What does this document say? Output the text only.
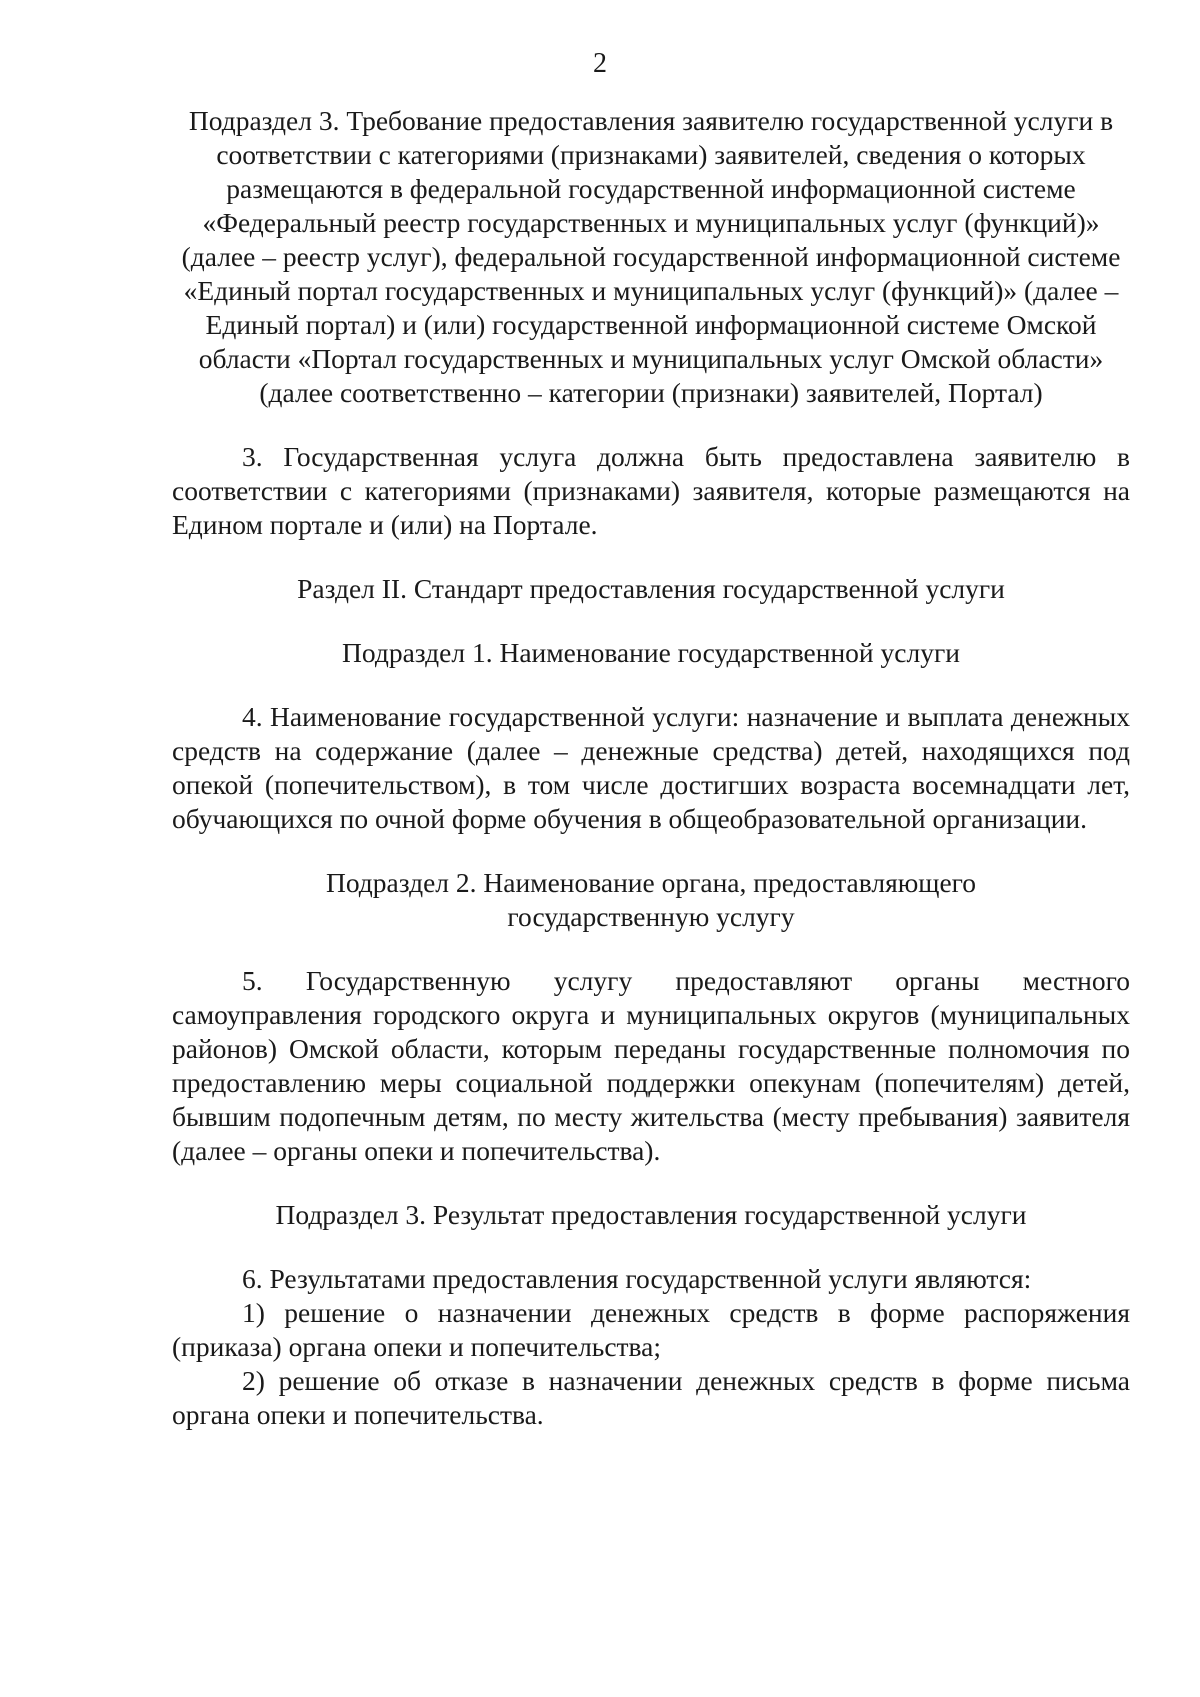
2

Подраздел 3. Требование предоставления заявителю государственной услуги в соответствии с категориями (признаками) заявителей, сведения о которых размещаются в федеральной государственной информационной системе «Федеральный реестр государственных и муниципальных услуг (функций)» (далее – реестр услуг), федеральной государственной информационной системе «Единый портал государственных и муниципальных услуг (функций)» (далее – Единый портал) и (или) государственной информационной системе Омской области «Портал государственных и муниципальных услуг Омской области» (далее соответственно – категории (признаки) заявителей, Портал)

3. Государственная услуга должна быть предоставлена заявителю в соответствии с категориями (признаками) заявителя, которые размещаются на Едином портале и (или) на Портале.

Раздел II. Стандарт предоставления государственной услуги

Подраздел 1. Наименование государственной услуги

4. Наименование государственной услуги: назначение и выплата денежных средств на содержание (далее – денежные средства) детей, находящихся под опекой (попечительством), в том числе достигших возраста восемнадцати лет, обучающихся по очной форме обучения в общеобразовательной организации.

Подраздел 2. Наименование органа, предоставляющего
государственную услугу

5. Государственную услугу предоставляют органы местного самоуправления городского округа и муниципальных округов (муниципальных районов) Омской области, которым переданы государственные полномочия по предоставлению меры социальной поддержки опекунам (попечителям) детей, бывшим подопечным детям, по месту жительства (месту пребывания) заявителя (далее – органы опеки и попечительства).

Подраздел 3. Результат предоставления государственной услуги

6. Результатами предоставления государственной услуги являются:

1) решение о назначении денежных средств в форме распоряжения (приказа) органа опеки и попечительства;

2) решение об отказе в назначении денежных средств в форме письма органа опеки и попечительства.
